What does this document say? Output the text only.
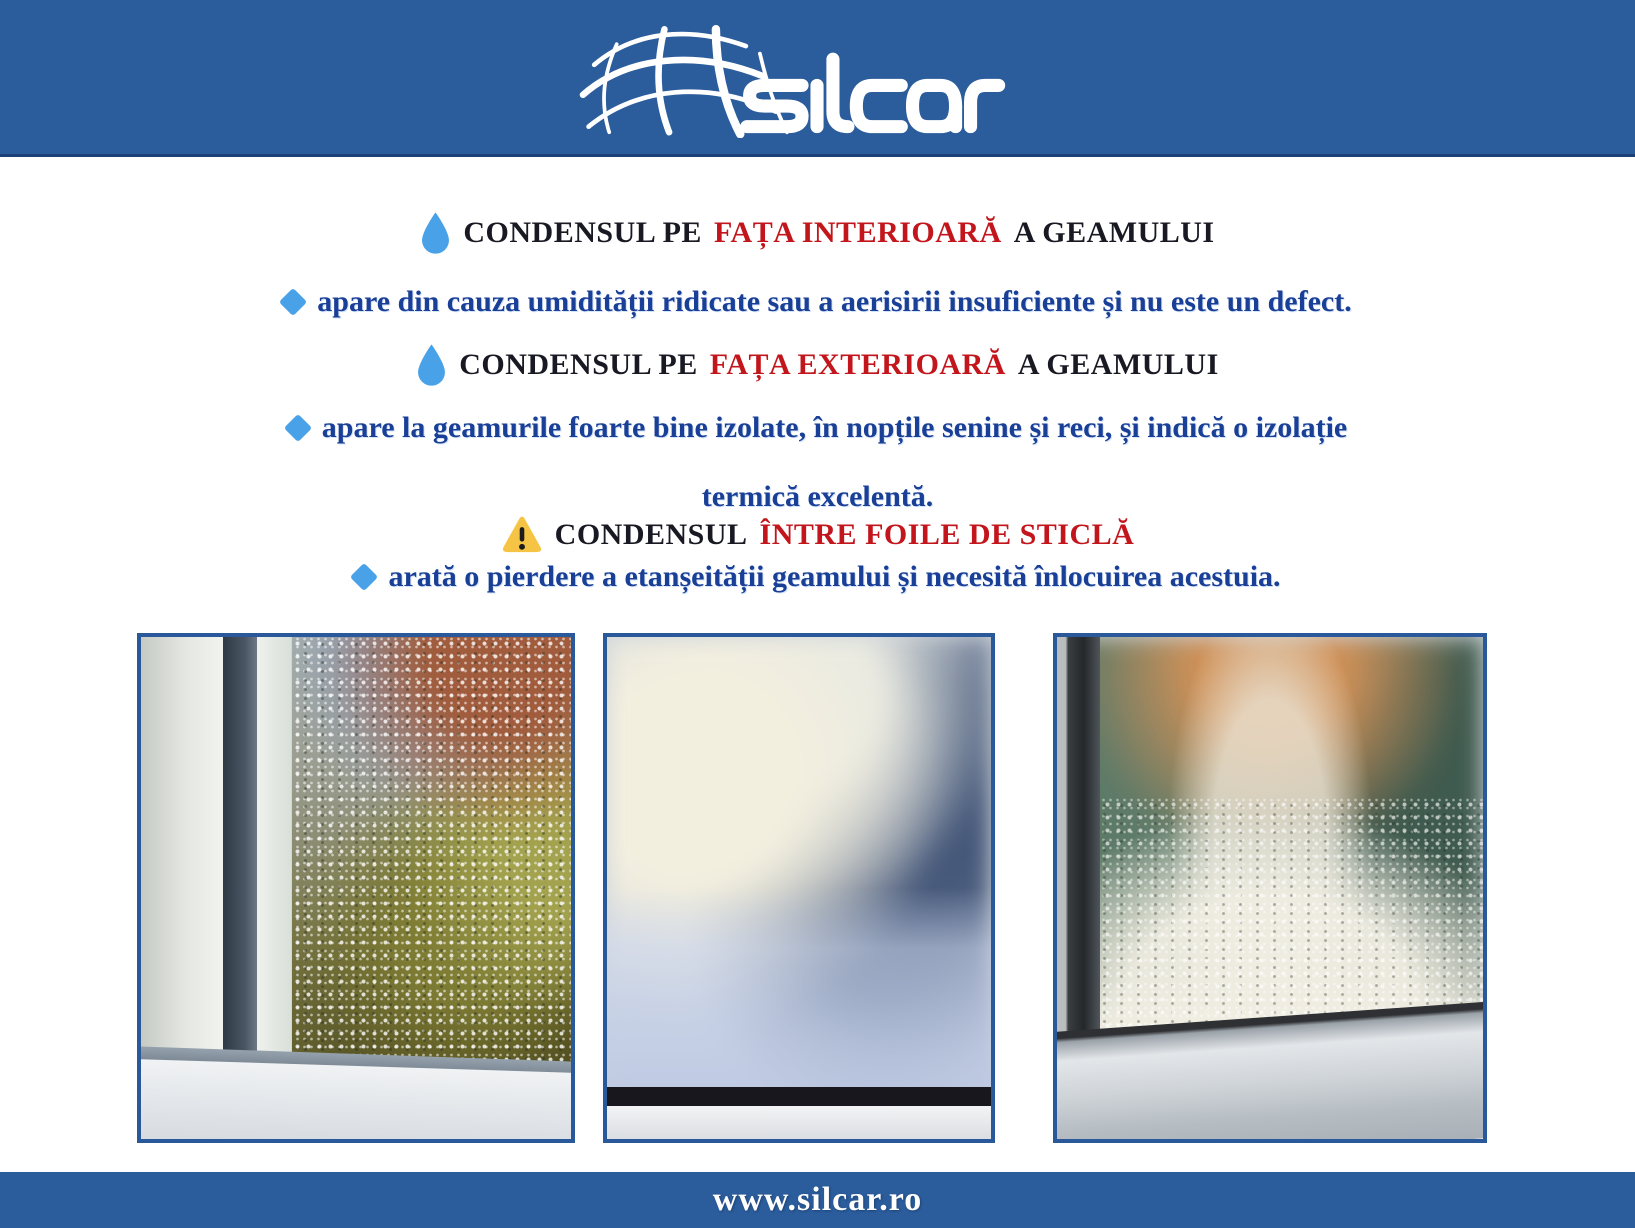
CONDENSUL PE FAȚA INTERIOARĂ A GEAMULUI
apare din cauza umidității ridicate sau a aerisirii insuficiente și nu este un defect.
CONDENSUL PE FAȚA EXTERIOARĂ A GEAMULUI
apare la geamurile foarte bine izolate, în nopțile senine și reci, și indică o izolație
termică excelentă.
CONDENSUL ÎNTRE FOILE DE STICLĂ
arată o pierdere a etanșeității geamului și necesită înlocuirea acestuia.
www.silcar.ro
